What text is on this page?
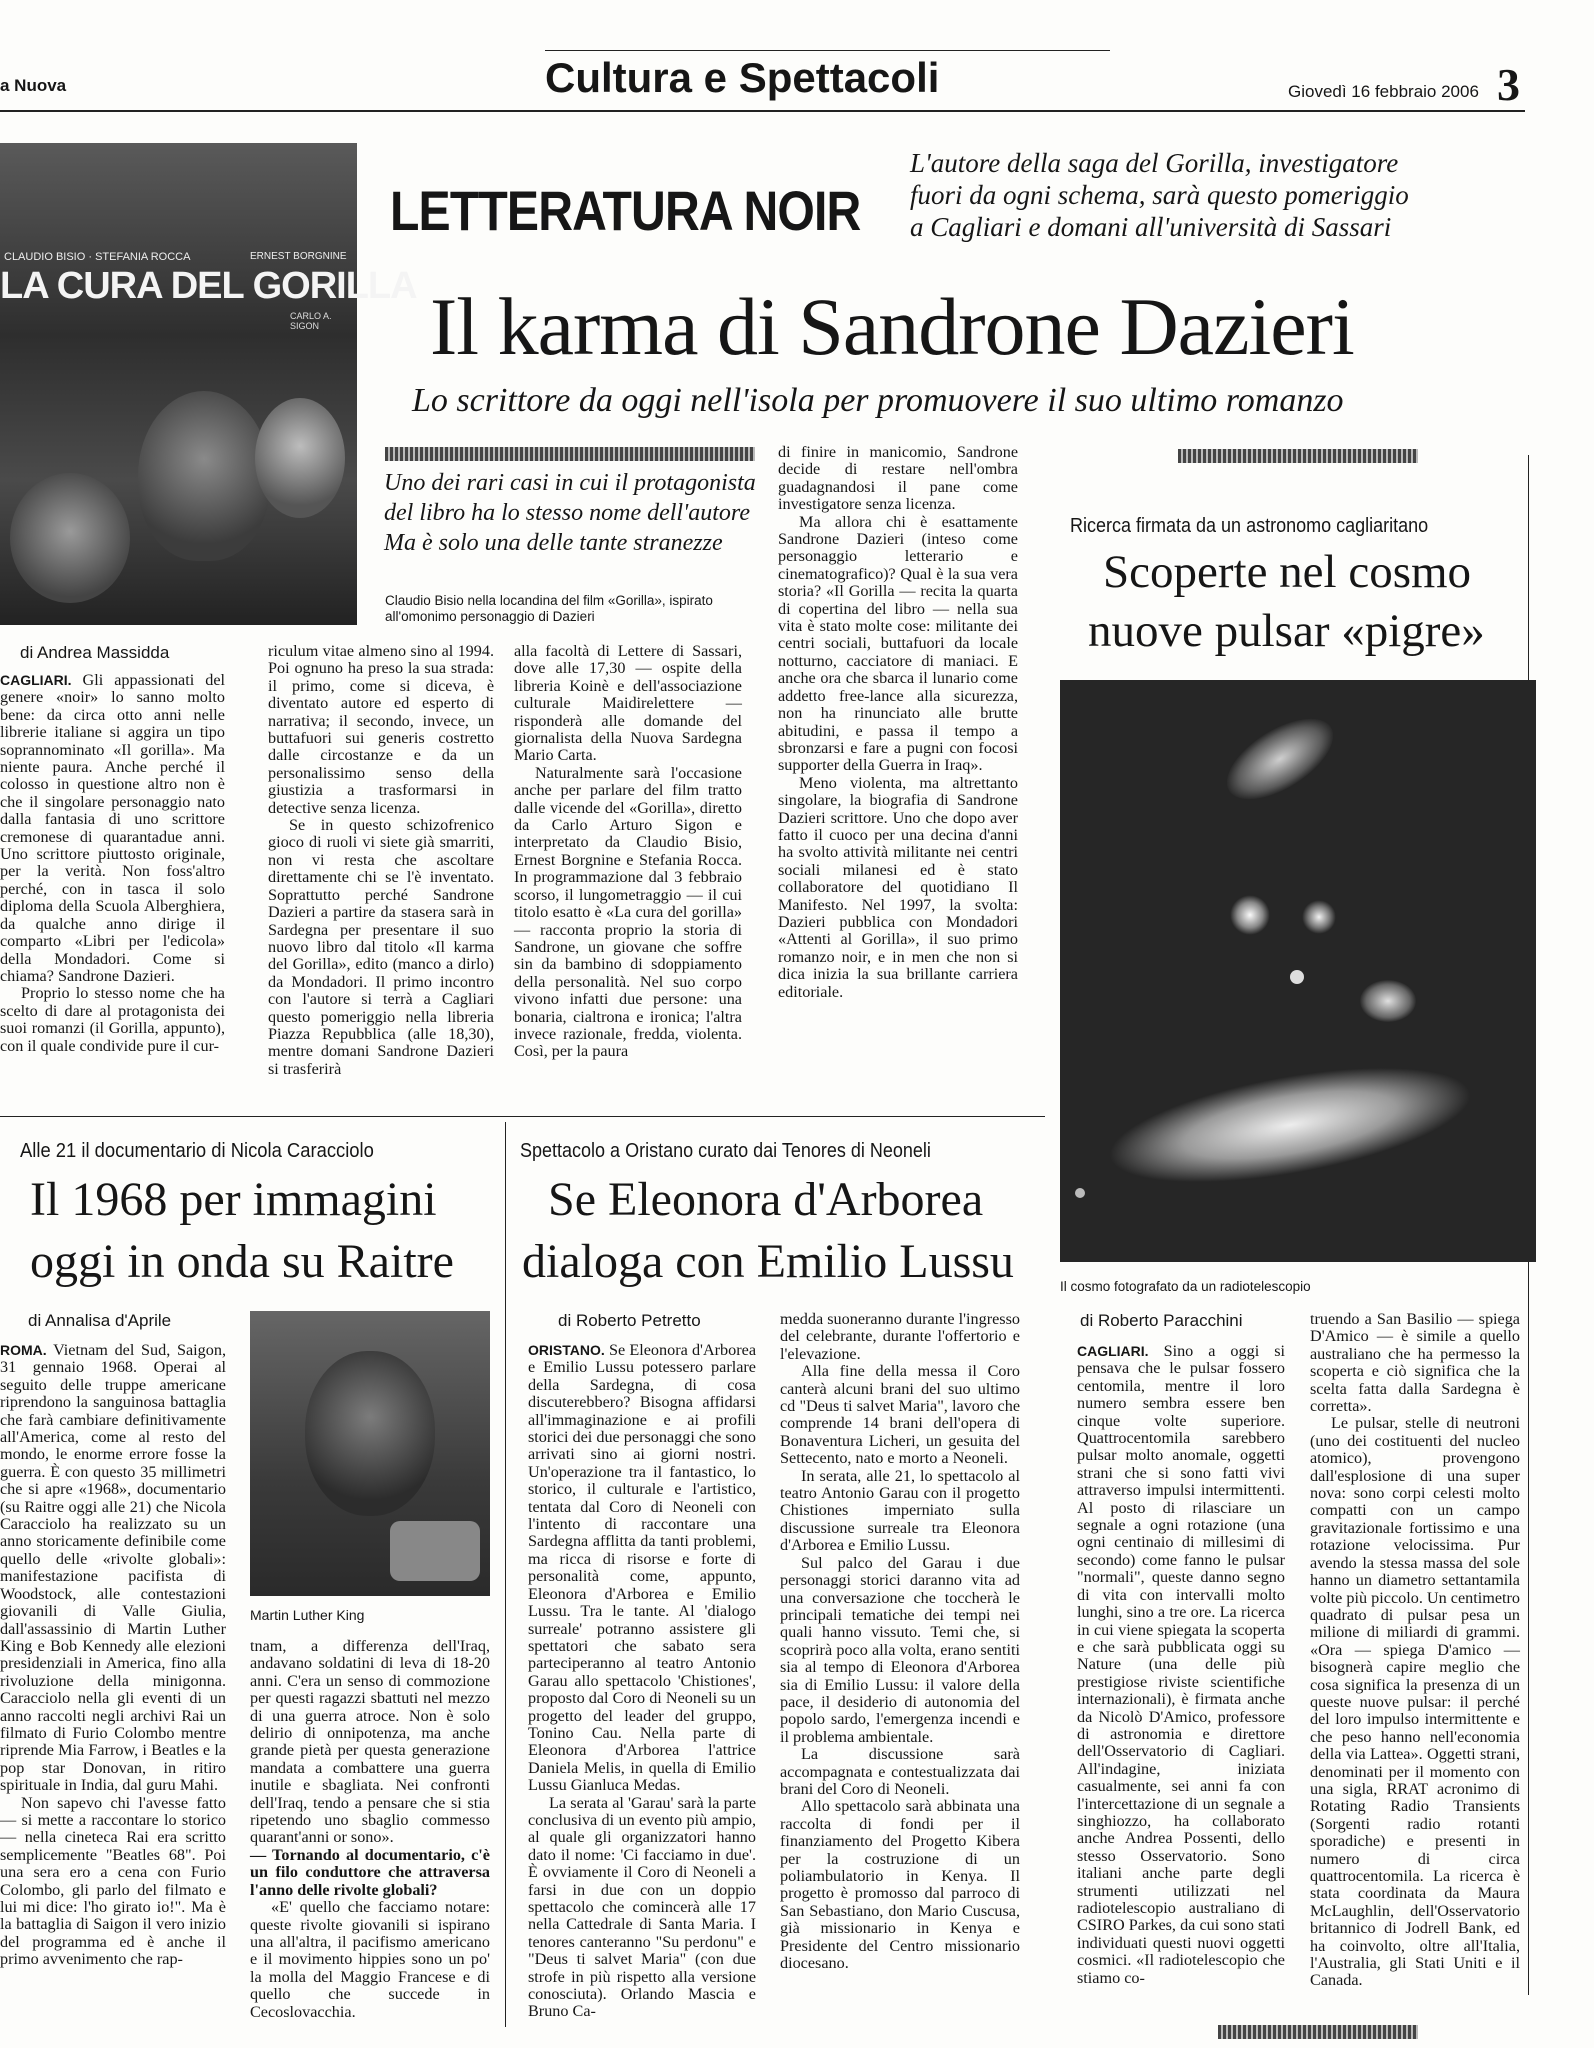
a Nuova	Cultura e Spettacoli	Giovedì 16 febbraio 2006 3
CLAUDIO BISIO · STEFANIA ROCCA	ERNEST BORGNINE
LA CURA DEL GORILLA
CARLO A. SIGON
LETTERATURA NOIR
L'autore della saga del Gorilla, investigatore fuori da ogni schema, sarà questo pomeriggio a Cagliari e domani all'università di Sassari
Il karma di Sandrone Dazieri
Lo scrittore da oggi nell'isola per promuovere il suo ultimo romanzo
Uno dei rari casi in cui il protagonista del libro ha lo stesso nome dell'autore Ma è solo una delle tante stranezze
Claudio Bisio nella locandina del film «Gorilla», ispirato all'omonimo personaggio di Dazieri
di Andrea Massidda

CAGLIARI. Gli appassionati del genere «noir» lo sanno molto bene: da circa otto anni nelle librerie italiane si aggira un tipo soprannominato «Il gorilla». Ma niente paura. Anche perché il colosso in questione altro non è che il singolare personaggio nato dalla fantasia di uno scrittore cremonese di quarantadue anni. Uno scrittore piuttosto originale, per la verità. Non foss'altro perché, con in tasca il solo diploma della Scuola Alberghiera, da qualche anno dirige il comparto «Libri per l'edicola» della Mondadori. Come si chiama? Sandrone Dazieri.

Proprio lo stesso nome che ha scelto di dare al protagonista dei suoi romanzi (il Gorilla, appunto), con il quale condivide pure il cur-

riculum vitae almeno sino al 1994. Poi ognuno ha preso la sua strada: il primo, come si diceva, è diventato autore ed esperto di narrativa; il secondo, invece, un buttafuori sui generis costretto dalle circostanze e da un personalissimo senso della giustizia a trasformarsi in detective senza licenza.

Se in questo schizofrenico gioco di ruoli vi siete già smarriti, non vi resta che ascoltare direttamente chi se l'è inventato. Soprattutto perché Sandrone Dazieri a partire da stasera sarà in Sardegna per presentare il suo nuovo libro dal titolo «Il karma del Gorilla», edito (manco a dirlo) da Mondadori. Il primo incontro con l'autore si terrà a Cagliari questo pomeriggio nella libreria Piazza Repubblica (alle 18,30), mentre domani Sandrone Dazieri si trasferirà

alla facoltà di Lettere di Sassari, dove alle 17,30 — ospite della libreria Koinè e dell'associazione culturale Maidirelettere — risponderà alle domande del giornalista della Nuova Sardegna Mario Carta.

Naturalmente sarà l'occasione anche per parlare del film tratto dalle vicende del «Gorilla», diretto da Carlo Arturo Sigon e interpretato da Claudio Bisio, Ernest Borgnine e Stefania Rocca. In programmazione dal 3 febbraio scorso, il lungometraggio — il cui titolo esatto è «La cura del gorilla» — racconta proprio la storia di Sandrone, un giovane che soffre sin da bambino di sdoppiamento della personalità. Nel suo corpo vivono infatti due persone: una bonaria, cialtrona e ironica; l'altra invece razionale, fredda, violenta. Così, per la paura

di finire in manicomio, Sandrone decide di restare nell'ombra guadagnandosi il pane come investigatore senza licenza.

Ma allora chi è esattamente Sandrone Dazieri (inteso come personaggio letterario e cinematografico)? Qual è la sua vera storia? «Il Gorilla — recita la quarta di copertina del libro — nella sua vita è stato molte cose: militante dei centri sociali, buttafuori da locale notturno, cacciatore di maniaci. E anche ora che sbarca il lunario come addetto free-lance alla sicurezza, non ha rinunciato alle brutte abitudini, e passa il tempo a sbronzarsi e fare a pugni con focosi supporter della Guerra in Iraq».

Meno violenta, ma altrettanto singolare, la biografia di Sandrone Dazieri scrittore. Uno che dopo aver fatto il cuoco per una decina d'anni ha svolto attività militante nei centri sociali milanesi ed è stato collaboratore del quotidiano Il Manifesto. Nel 1997, la svolta: Dazieri pubblica con Mondadori «Attenti al Gorilla», il suo primo romanzo noir, e in men che non si dica inizia la sua brillante carriera editoriale.

Ricerca firmata da un astronomo cagliaritano
Scoperte nel cosmo
nuove pulsar «pigre»
Il cosmo fotografato da un radiotelescopio
di Roberto Paracchini

CAGLIARI. Sino a oggi si pensava che le pulsar fossero centomila, mentre il loro numero sembra essere ben cinque volte superiore. Quattrocentomila sarebbero pulsar molto anomale, oggetti strani che si sono fatti vivi attraverso impulsi intermittenti. Al posto di rilasciare un segnale a ogni rotazione (una ogni centinaio di millesimi di secondo) come fanno le pulsar "normali", queste danno segno di vita con intervalli molto lunghi, sino a tre ore. La ricerca in cui viene spiegata la scoperta e che sarà pubblicata oggi su Nature (una delle più prestigiose riviste scientifiche internazionali), è firmata anche da Nicolò D'Amico, professore di astronomia e direttore dell'Osservatorio di Cagliari. All'indagine, iniziata casualmente, sei anni fa con l'intercettazione di un segnale a singhiozzo, ha collaborato anche Andrea Possenti, dello stesso Osservatorio. Sono italiani anche parte degli strumenti utilizzati nel radiotelescopio australiano di CSIRO Parkes, da cui sono stati individuati questi nuovi oggetti cosmici. «Il radiotelescopio che stiamo co-

truendo a San Basilio — spiega D'Amico — è simile a quello australiano che ha permesso la scoperta e ciò significa che la scelta fatta dalla Sardegna è corretta».

Le pulsar, stelle di neutroni (uno dei costituenti del nucleo atomico), provengono dall'esplosione di una super nova: sono corpi celesti molto compatti con un campo gravitazionale fortissimo e una rotazione velocissima. Pur avendo la stessa massa del sole hanno un diametro settantamila volte più piccolo. Un centimetro quadrato di pulsar pesa un milione di miliardi di grammi. «Ora — spiega D'amico — bisognerà capire meglio che cosa significa la presenza di un queste nuove pulsar: il perché del loro impulso intermittente e che peso hanno nell'economia della via Lattea». Oggetti strani, denominati per il momento con una sigla, RRAT acronimo di Rotating Radio Transients (Sorgenti radio rotanti sporadiche) e presenti in numero di circa quattrocentomila. La ricerca è stata coordinata da Maura McLaughlin, dell'Osservatorio britannico di Jodrell Bank, ed ha coinvolto, oltre all'Italia, l'Australia, gli Stati Uniti e il Canada.

Alle 21 il documentario di Nicola Caracciolo
Il 1968 per immagini
oggi in onda su Raitre
di Annalisa d'Aprile
Martin Luther King

ROMA. Vietnam del Sud, Saigon, 31 gennaio 1968. Operai al seguito delle truppe americane riprendono la sanguinosa battaglia che farà cambiare definitivamente all'America, come al resto del mondo, le enorme errore fosse la guerra. È con questo 35 millimetri che si apre «1968», documentario (su Raitre oggi alle 21) che Nicola Caracciolo ha realizzato su un anno storicamente definibile come quello delle «rivolte globali»: manifestazione pacifista di Woodstock, alle contestazioni giovanili di Valle Giulia, dall'assassinio di Martin Luther King e Bob Kennedy alle elezioni presidenziali in America, fino alla rivoluzione della minigonna. Caracciolo nella gli eventi di un anno raccolti negli archivi Rai un filmato di Furio Colombo mentre riprende Mia Farrow, i Beatles e la pop star Donovan, in ritiro spirituale in India, dal guru Mahi.

Non sapevo chi l'avesse fatto — si mette a raccontare lo storico — nella cineteca Rai era scritto semplicemente "Beatles 68". Poi una sera ero a cena con Furio Colombo, gli parlo del filmato e lui mi dice: l'ho girato io!". Ma è la battaglia di Saigon il vero inizio del programma ed è anche il primo avvenimento che rap-

tnam, a differenza dell'Iraq, andavano soldatini di leva di 18-20 anni. C'era un senso di commozione per questi ragazzi sbattuti nel mezzo di una guerra atroce. Non è solo delirio di onnipotenza, ma anche grande pietà per questa generazione mandata a combattere una guerra inutile e sbagliata. Nei confronti dell'Iraq, tendo a pensare che si stia ripetendo uno sbaglio commesso quarant'anni or sono».

— Tornando al documentario, c'è un filo conduttore che attraversa l'anno delle rivolte globali?

«E' quello che facciamo notare: queste rivolte giovanili si ispirano una all'altra, il pacifismo americano e il movimento hippies sono un po' la molla del Maggio Francese e di quello che succede in Cecoslovacchia.

Spettacolo a Oristano curato dai Tenores di Neoneli
Se Eleonora d'Arborea
dialoga con Emilio Lussu
di Roberto Petretto

ORISTANO. Se Eleonora d'Arborea e Emilio Lussu potessero parlare della Sardegna, di cosa discuterebbero? Bisogna affidarsi all'immaginazione e ai profili storici dei due personaggi che sono arrivati sino ai giorni nostri. Un'operazione tra il fantastico, lo storico, il culturale e l'artistico, tentata dal Coro di Neoneli con l'intento di raccontare una Sardegna afflitta da tanti problemi, ma ricca di risorse e forte di personalità come, appunto, Eleonora d'Arborea e Emilio Lussu. Tra le tante. Al 'dialogo surreale' potranno assistere gli spettatori che sabato sera parteciperanno al teatro Antonio Garau allo spettacolo 'Chistiones', proposto dal Coro di Neoneli su un progetto del leader del gruppo, Tonino Cau. Nella parte di Eleonora d'Arborea l'attrice Daniela Melis, in quella di Emilio Lussu Gianluca Medas.

La serata al 'Garau' sarà la parte conclusiva di un evento più ampio, al quale gli organizzatori hanno dato il nome: 'Ci facciamo in due'. È ovviamente il Coro di Neoneli a farsi in due con un doppio spettacolo che comincerà alle 17 nella Cattedrale di Santa Maria. I tenores canteranno "Su perdonu" e "Deus ti salvet Maria" (con due strofe in più rispetto alla versione conosciuta). Orlando Mascia e Bruno Ca-

medda suoneranno durante l'ingresso del celebrante, durante l'offertorio e l'elevazione.

Alla fine della messa il Coro canterà alcuni brani del suo ultimo cd "Deus ti salvet Maria", lavoro che comprende 14 brani dell'opera di Bonaventura Licheri, un gesuita del Settecento, nato e morto a Neoneli.

In serata, alle 21, lo spettacolo al teatro Antonio Garau con il progetto Chistiones imperniato sulla discussione surreale tra Eleonora d'Arborea e Emilio Lussu.

Sul palco del Garau i due personaggi storici daranno vita ad una conversazione che toccherà le principali tematiche dei tempi nei quali hanno vissuto. Temi che, si scoprirà poco alla volta, erano sentiti sia al tempo di Eleonora d'Arborea sia di Emilio Lussu: il valore della pace, il desiderio di autonomia del popolo sardo, l'emergenza incendi e il problema ambientale.

La discussione sarà accompagnata e contestualizzata dai brani del Coro di Neoneli.

Allo spettacolo sarà abbinata una raccolta di fondi per il finanziamento del Progetto Kibera per la costruzione di un poliambulatorio in Kenya. Il progetto è promosso dal parroco di San Sebastiano, don Mario Cuscusa, già missionario in Kenya e Presidente del Centro missionario diocesano.
